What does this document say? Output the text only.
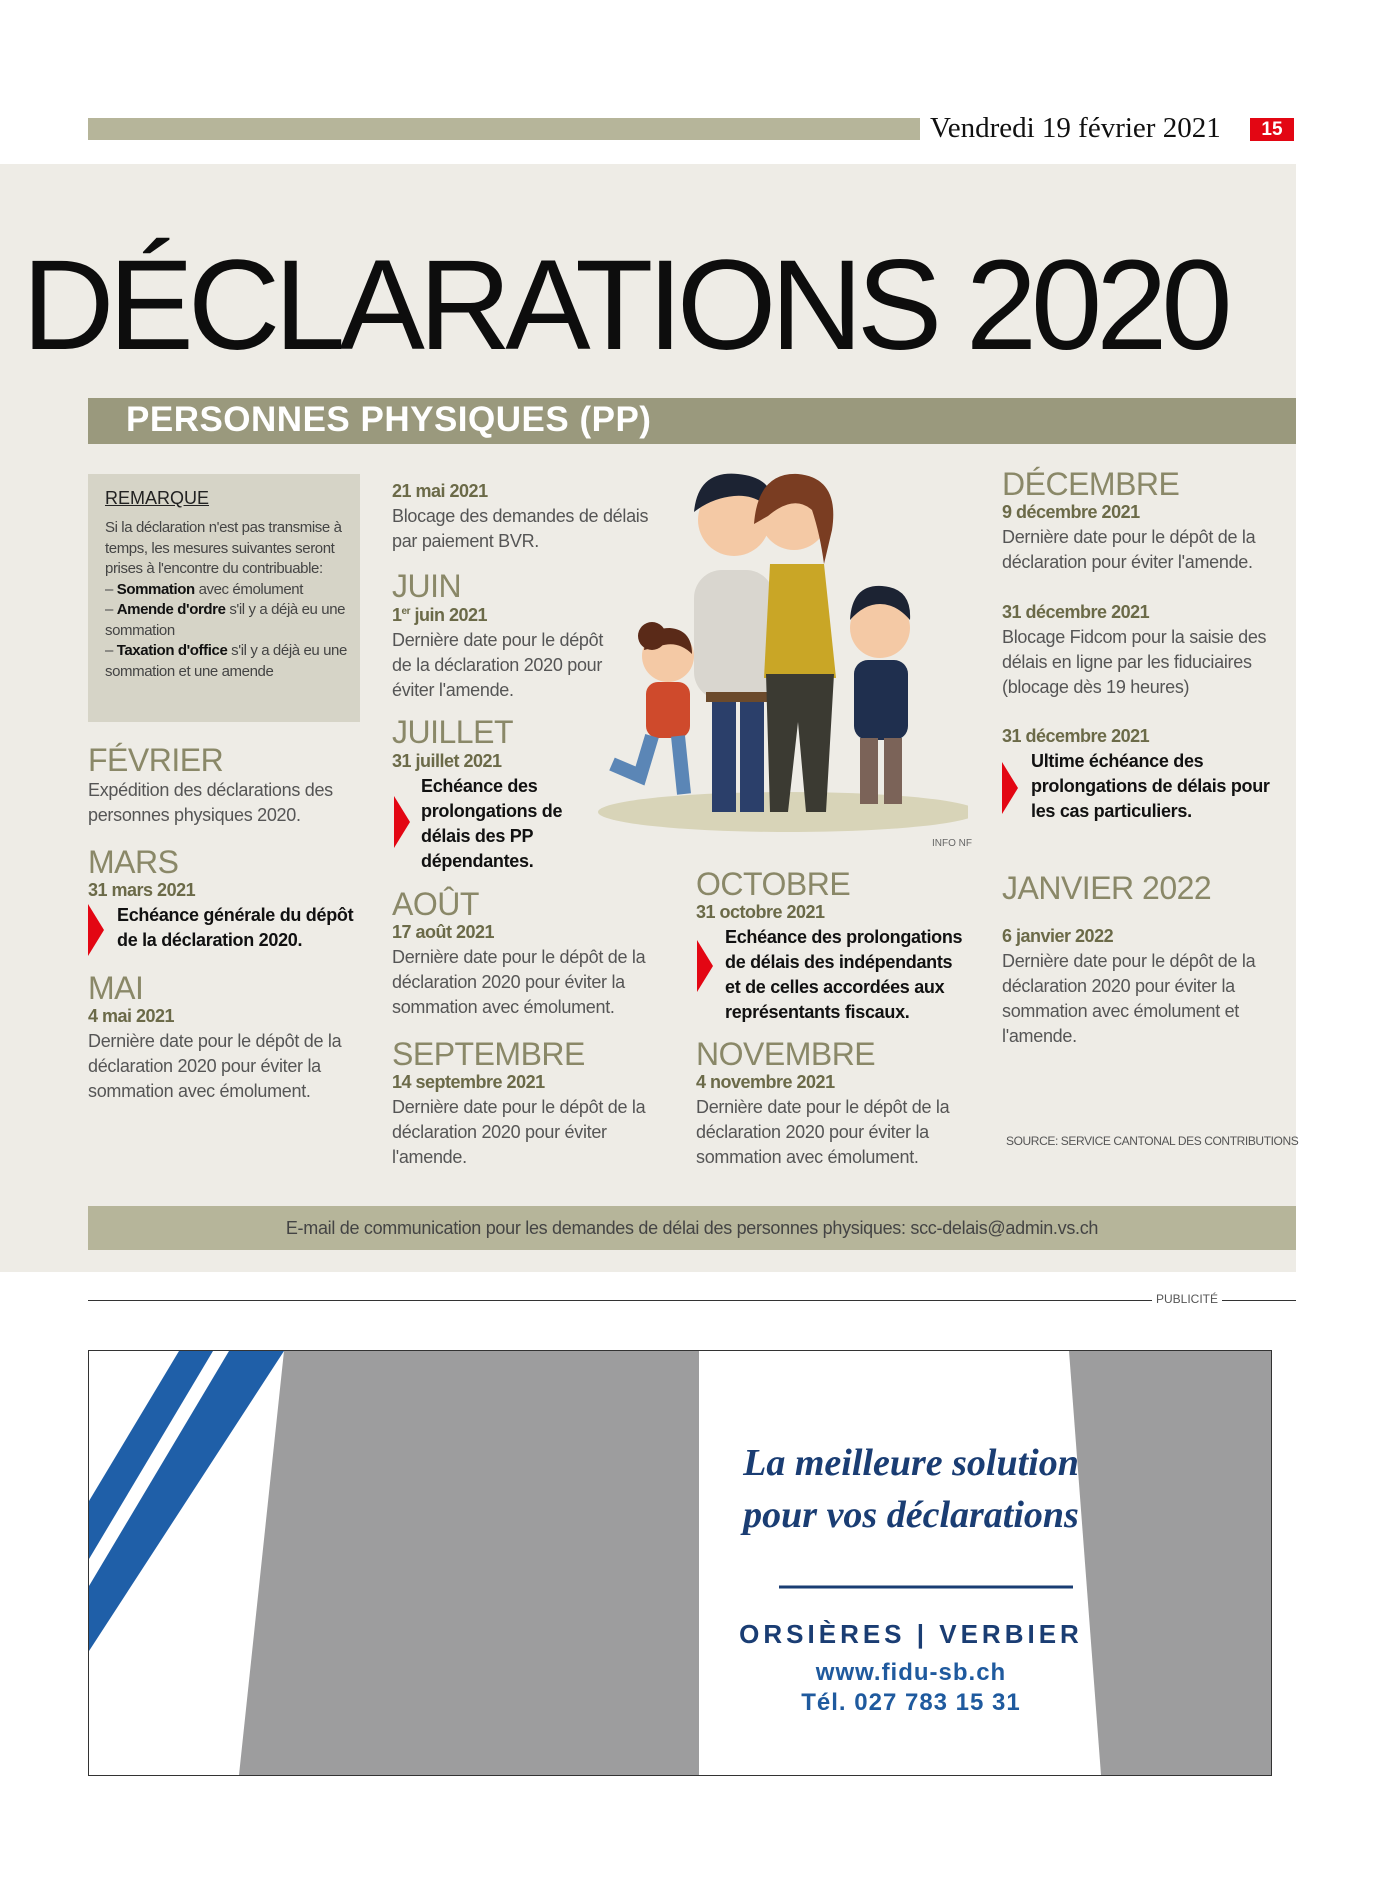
Vendredi 19 février 2021	15
DÉCLARATIONS 2020
PERSONNES PHYSIQUES (PP)
REMARQUE
Si la déclaration n'est pas transmise à temps, les mesures suivantes seront prises à l'encontre du contribuable:
– Sommation avec émolument
– Amende d'ordre s'il y a déjà eu une sommation
– Taxation d'office s'il y a déjà eu une sommation et une amende
FÉVRIER
Expédition des déclarations des personnes physiques 2020.
MARS
31 mars 2021
Echéance générale du dépôt de la déclaration 2020.
MAI
4 mai 2021
Dernière date pour le dépôt de la déclaration 2020 pour éviter la sommation avec émolument.
21 mai 2021
Blocage des demandes de délais par paiement BVR.
JUIN
1er juin 2021
Dernière date pour le dépôt de la déclaration 2020 pour éviter l'amende.
JUILLET
31 juillet 2021
Echéance des prolongations de délais des PP dépendantes.
AOÛT
17 août 2021
Dernière date pour le dépôt de la déclaration 2020 pour éviter la sommation avec émolument.
SEPTEMBRE
14 septembre 2021
Dernière date pour le dépôt de la déclaration 2020 pour éviter l'amende.
INFO NF
OCTOBRE
31 octobre 2021
Echéance des prolongations de délais des indépendants et de celles accordées aux représentants fiscaux.
NOVEMBRE
4 novembre 2021
Dernière date pour le dépôt de la déclaration 2020 pour éviter la sommation avec émolument.
DÉCEMBRE
9 décembre 2021
Dernière date pour le dépôt de la déclaration pour éviter l'amende.
31 décembre 2021
Blocage Fidcom pour la saisie des délais en ligne par les fiduciaires (blocage dès 19 heures)
31 décembre 2021
Ultime échéance des prolongations de délais pour les cas particuliers.
JANVIER 2022
6 janvier 2022
Dernière date pour le dépôt de la déclaration 2020 pour éviter la sommation avec émolument et l'amende.
SOURCE: SERVICE CANTONAL DES CONTRIBUTIONS
E-mail de communication pour les demandes de délai des personnes physiques: scc-delais@admin.vs.ch
PUBLICITÉ
La meilleure solution
pour vos déclarations
ORSIÈRES | VERBIER
www.fidu-sb.ch
Tél. 027 783 15 31
